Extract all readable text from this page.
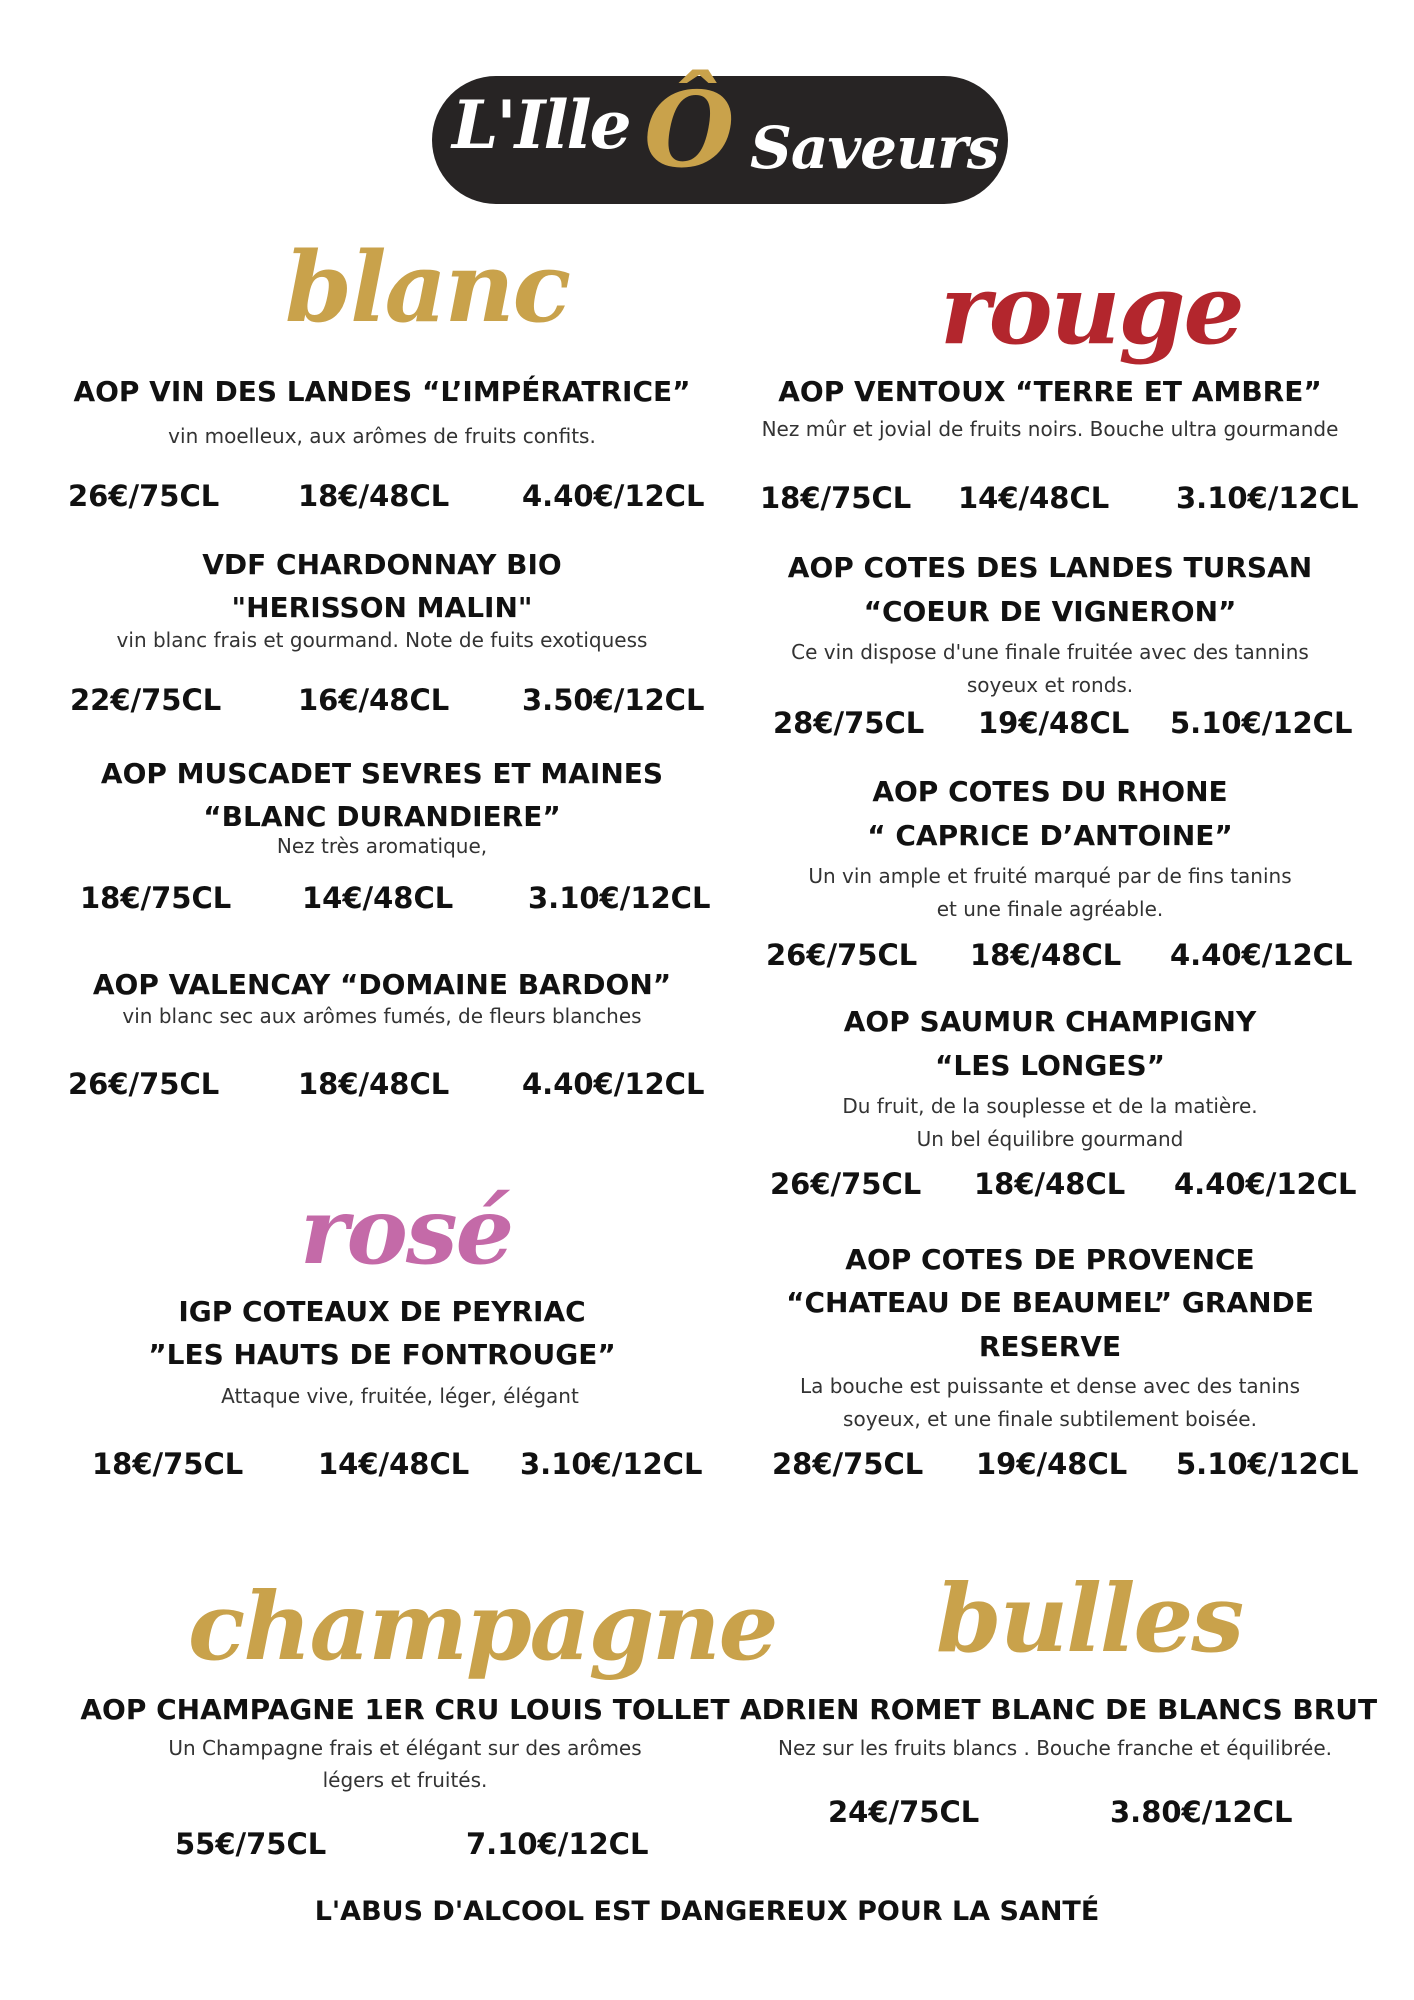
L'Ille Ô Saveurs
blanc
AOP VIN DES LANDES “L’IMPÉRATRICE”
vin moelleux, aux arômes de fruits confits.
26€/75CL	18€/48CL	4.40€/12CL
VDF CHARDONNAY BIO
"HERISSON MALIN"
vin blanc frais et gourmand. Note de fuits exotiquess
22€/75CL	16€/48CL	3.50€/12CL
AOP MUSCADET SEVRES ET MAINES
“BLANC DURANDIERE”
Nez très aromatique,
18€/75CL 14€/48CL	3.10€/12CL
AOP VALENCAY “DOMAINE BARDON”
vin blanc sec aux arômes fumés, de fleurs blanches
26€/75CL	18€/48CL	4.40€/12CL
rouge
AOP VENTOUX “TERRE ET AMBRE”
Nez mûr et jovial de fruits noirs. Bouche ultra gourmande
18€/75CL 14€/48CL 3.10€/12CL
AOP COTES DES LANDES TURSAN
“COEUR DE VIGNERON”
Ce vin dispose d'une finale fruitée avec des tannins
soyeux et ronds.
28€/75CL 19€/48CL 5.10€/12CL
AOP COTES DU RHONE
“ CAPRICE D’ANTOINE”
Un vin ample et fruité marqué par de fins tanins
et une finale agréable.
26€/75CL 18€/48CL 4.40€/12CL
AOP SAUMUR CHAMPIGNY
“LES LONGES”
Du fruit, de la souplesse et de la matière.
Un bel équilibre gourmand
26€/75CL 18€/48CL 4.40€/12CL
AOP COTES DE PROVENCE
“CHATEAU DE BEAUMEL” GRANDE
RESERVE
La bouche est puissante et dense avec des tanins
soyeux, et une finale subtilement boisée.
28€/75CL 19€/48CL 5.10€/12CL
rosé
IGP COTEAUX DE PEYRIAC
”LES HAUTS DE FONTROUGE”
Attaque vive, fruitée, léger, élégant
18€/75CL	14€/48CL 3.10€/12CL
champagne
AOP CHAMPAGNE 1ER CRU LOUIS TOLLET
Un Champagne frais et élégant sur des arômes
légers et fruités.
55€/75CL	7.10€/12CL
bulles
ADRIEN ROMET BLANC DE BLANCS BRUT
Nez sur les fruits blancs . Bouche franche et équilibrée.
24€/75CL	3.80€/12CL
L'ABUS D'ALCOOL EST DANGEREUX POUR LA SANTÉ
